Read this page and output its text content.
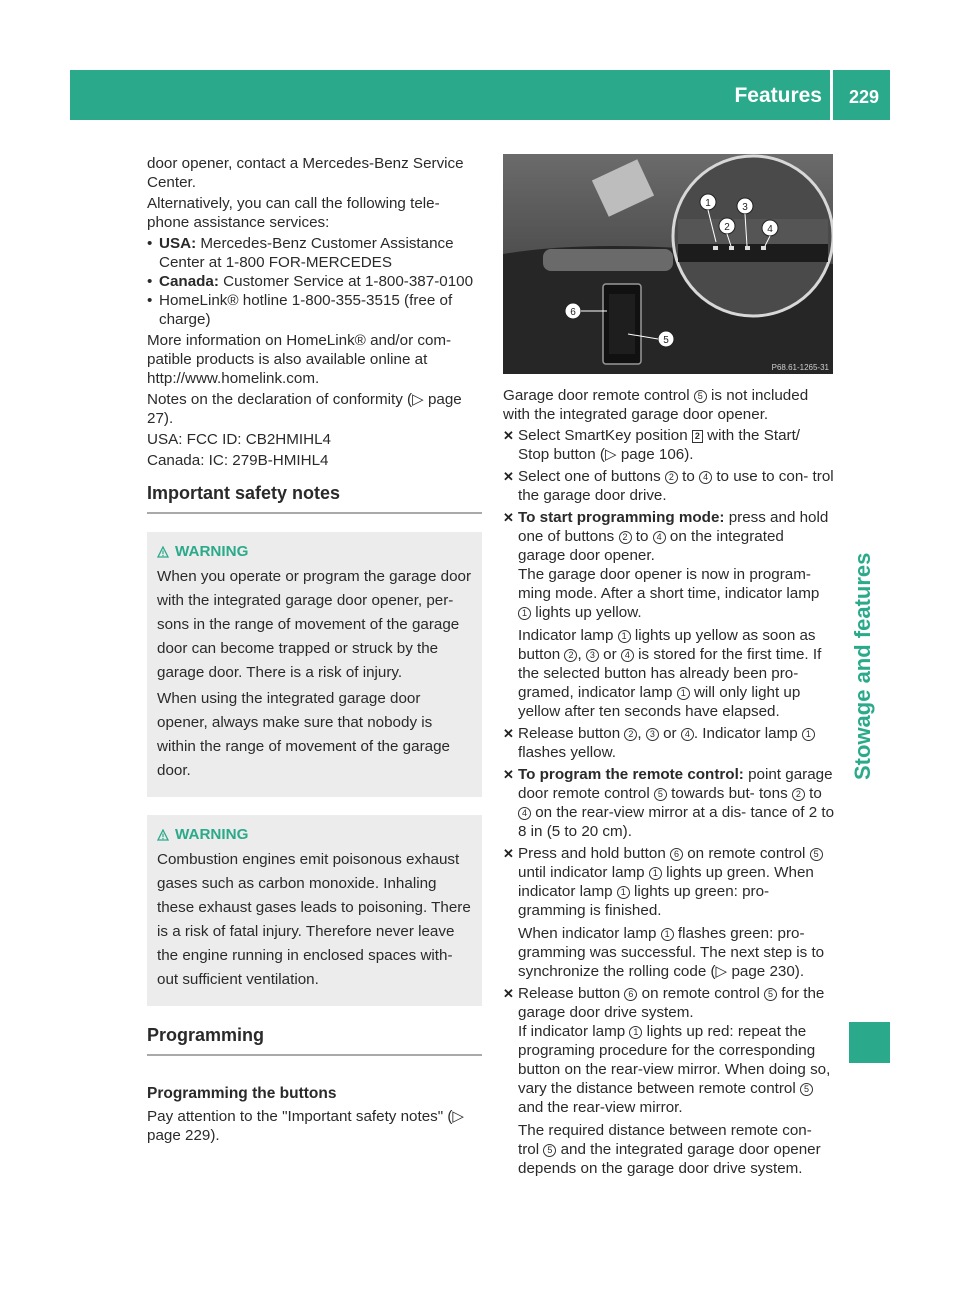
Features	229
Stowage and features

door opener, contact a Mercedes-Benz Service Center.

Alternatively, you can call the following tele- phone assistance services:

• USA: Mercedes-Benz Customer Assistance Center at 1-800 FOR-MERCEDES
• Canada: Customer Service at 1-800-387-0100
• HomeLink® hotline 1-800-355-3515 (free of charge)

More information on HomeLink® and/or com- patible products is also available online at http://www.homelink.com.

Notes on the declaration of conformity (▷ page 27).

USA: FCC ID: CB2HMIHL4

Canada: IC: 279B-HMIHL4

Important safety notes
WARNING

When you operate or program the garage door with the integrated garage door opener, per- sons in the range of movement of the garage door can become trapped or struck by the garage door. There is a risk of injury.

When using the integrated garage door opener, always make sure that nobody is within the range of movement of the garage door.

WARNING

Combustion engines emit poisonous exhaust gases such as carbon monoxide. Inhaling these exhaust gases leads to poisoning. There is a risk of fatal injury. Therefore never leave the engine running in enclosed spaces with- out sufficient ventilation.

Programming
Programming the buttons

Pay attention to the "Important safety notes" (▷ page 229).

1
2
3
4
5
6
P68.61-1265-31

Garage door remote control 5 is not included with the integrated garage door opener.

✕ Select SmartKey position 2 with the Start/ Stop button (▷ page 106).
✕ Select one of buttons 2 to 4 to use to con- trol the garage door drive.
✕ To start programming mode: press and hold one of buttons 2 to 4 on the integrated garage door opener.
The garage door opener is now in program- ming mode. After a short time, indicator lamp 1 lights up yellow.
Indicator lamp 1 lights up yellow as soon as button 2 , 3 or 4 is stored for the first time. If the selected button has already been pro- gramed, indicator lamp 1 will only light up yellow after ten seconds have elapsed.
✕ Release button 2 , 3 or 4 . Indicator lamp 1 flashes yellow.
✕ To program the remote control: point garage door remote control 5 towards but- tons 2 to 4 on the rear-view mirror at a dis- tance of 2 to 8 in (5 to 20 cm).
✕ Press and hold button 6 on remote control 5 until indicator lamp 1 lights up green. When indicator lamp 1 lights up green: pro- gramming is finished.
When indicator lamp 1 flashes green: pro- gramming was successful. The next step is to synchronize the rolling code (▷ page 230).
✕ Release button 6 on remote control 5 for the garage door drive system.
If indicator lamp 1 lights up red: repeat the programing procedure for the corresponding button on the rear-view mirror. When doing so, vary the distance between remote control 5 and the rear-view mirror.
The required distance between remote con- trol 5 and the integrated garage door opener depends on the garage door drive system.
